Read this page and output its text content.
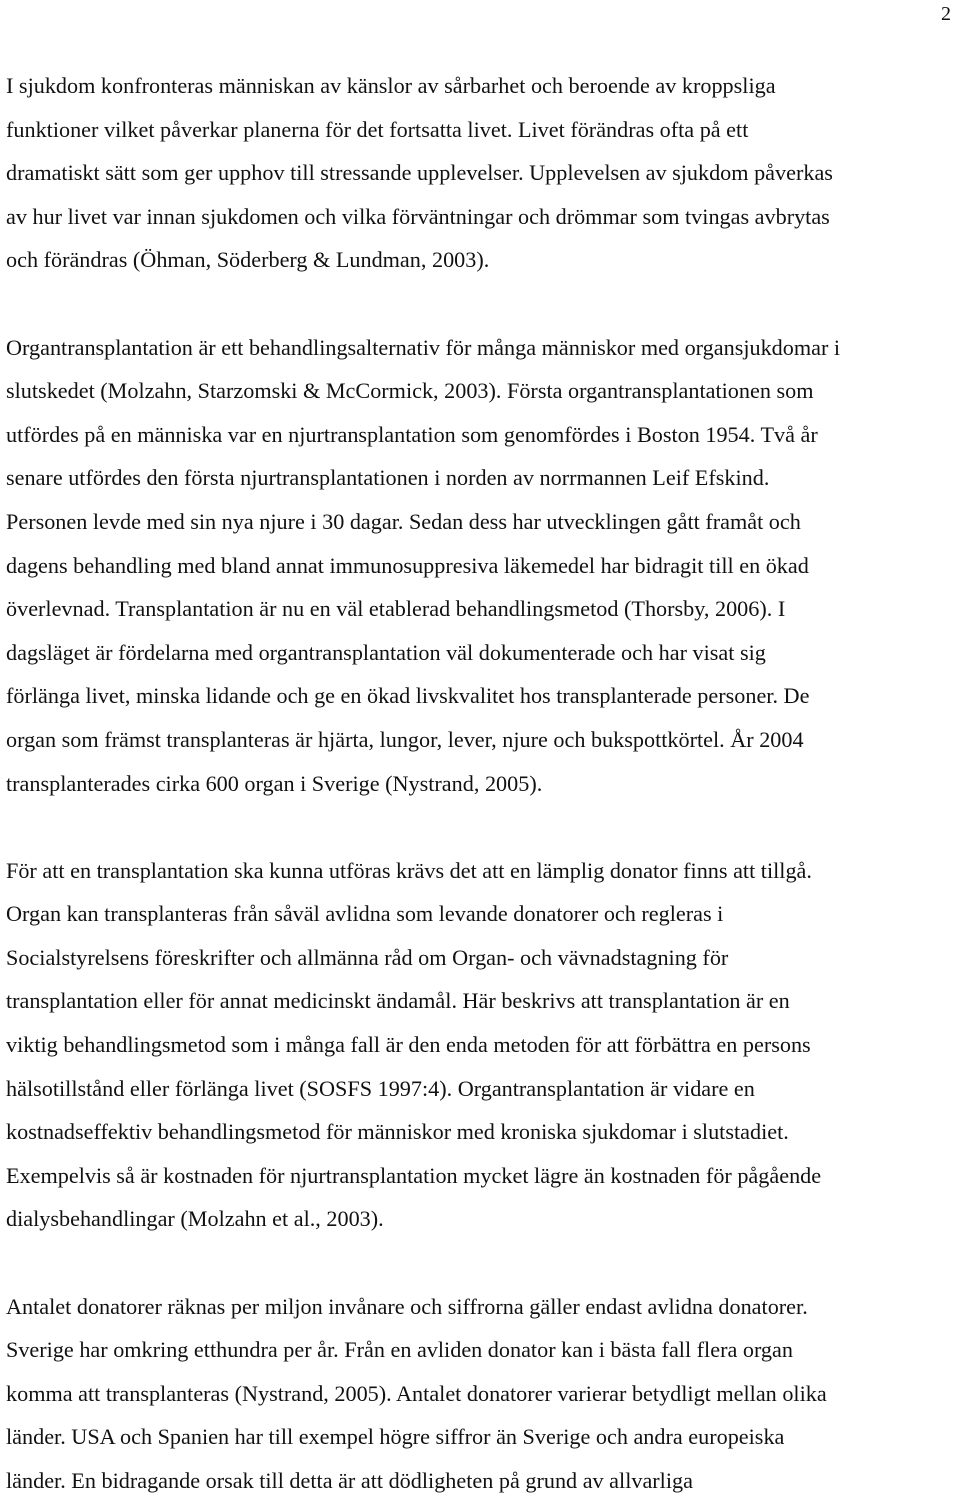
2

I sjukdom konfronteras människan av känslor av sårbarhet och beroende av kroppsliga
funktioner vilket påverkar planerna för det fortsatta livet. Livet förändras ofta på ett
dramatiskt sätt som ger upphov till stressande upplevelser. Upplevelsen av sjukdom påverkas
av hur livet var innan sjukdomen och vilka förväntningar och drömmar som tvingas avbrytas
och förändras (Öhman, Söderberg & Lundman, 2003).

Organtransplantation är ett behandlingsalternativ för många människor med organsjukdomar i
slutskedet (Molzahn, Starzomski & McCormick, 2003). Första organtransplantationen som
utfördes på en människa var en njurtransplantation som genomfördes i Boston 1954. Två år
senare utfördes den första njurtransplantationen i norden av norrmannen Leif Efskind.
Personen levde med sin nya njure i 30 dagar. Sedan dess har utvecklingen gått framåt och
dagens behandling med bland annat immunosuppresiva läkemedel har bidragit till en ökad
överlevnad. Transplantation är nu en väl etablerad behandlingsmetod (Thorsby, 2006). I
dagsläget är fördelarna med organtransplantation väl dokumenterade och har visat sig
förlänga livet, minska lidande och ge en ökad livskvalitet hos transplanterade personer. De
organ som främst transplanteras är hjärta, lungor, lever, njure och bukspottkörtel. År 2004
transplanterades cirka 600 organ i Sverige (Nystrand, 2005).

För att en transplantation ska kunna utföras krävs det att en lämplig donator finns att tillgå.
Organ kan transplanteras från såväl avlidna som levande donatorer och regleras i
Socialstyrelsens föreskrifter och allmänna råd om Organ- och vävnadstagning för
transplantation eller för annat medicinskt ändamål. Här beskrivs att transplantation är en
viktig behandlingsmetod som i många fall är den enda metoden för att förbättra en persons
hälsotillstånd eller förlänga livet (SOSFS 1997:4). Organtransplantation är vidare en
kostnadseffektiv behandlingsmetod för människor med kroniska sjukdomar i slutstadiet.
Exempelvis så är kostnaden för njurtransplantation mycket lägre än kostnaden för pågående
dialysbehandlingar (Molzahn et al., 2003).

Antalet donatorer räknas per miljon invånare och siffrorna gäller endast avlidna donatorer.
Sverige har omkring etthundra per år. Från en avliden donator kan i bästa fall flera organ
komma att transplanteras (Nystrand, 2005). Antalet donatorer varierar betydligt mellan olika
länder. USA och Spanien har till exempel högre siffror än Sverige och andra europeiska
länder. En bidragande orsak till detta är att dödligheten på grund av allvarliga
